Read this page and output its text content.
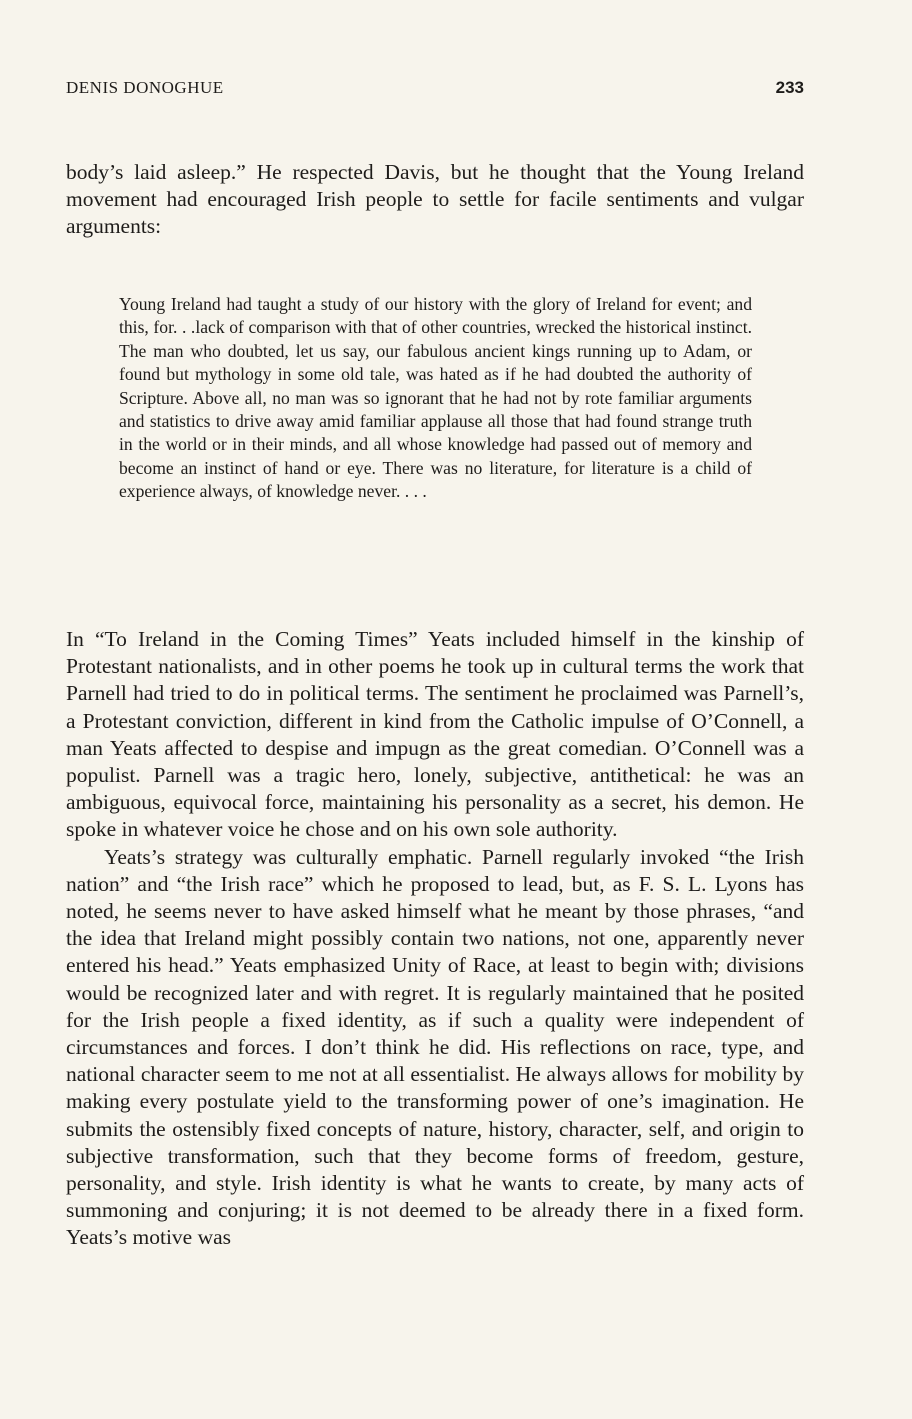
DENIS DONOGHUE	233

body’s laid asleep.” He respected Davis, but he thought that the Young Ireland movement had encouraged Irish people to settle for facile sentiments and vulgar arguments:

Young Ireland had taught a study of our history with the glory of Ireland for event; and this, for. . .lack of comparison with that of other countries, wrecked the historical instinct. The man who doubted, let us say, our fabulous ancient kings running up to Adam, or found but mythology in some old tale, was hated as if he had doubted the authority of Scripture. Above all, no man was so ignorant that he had not by rote familiar arguments and statistics to drive away amid familiar applause all those that had found strange truth in the world or in their minds, and all whose knowledge had passed out of memory and become an instinct of hand or eye. There was no literature, for literature is a child of experience always, of knowledge never. . . .

In “To Ireland in the Coming Times” Yeats included himself in the kinship of Protestant nationalists, and in other poems he took up in cultural terms the work that Parnell had tried to do in political terms. The sentiment he proclaimed was Parnell’s, a Protestant conviction, different in kind from the Catholic impulse of O’Connell, a man Yeats affected to despise and impugn as the great comedian. O’Connell was a populist. Parnell was a tragic hero, lonely, subjective, antithetical: he was an ambiguous, equivocal force, maintaining his personality as a secret, his demon. He spoke in whatever voice he chose and on his own sole authority.

Yeats’s strategy was culturally emphatic. Parnell regularly invoked “the Irish nation” and “the Irish race” which he proposed to lead, but, as F. S. L. Lyons has noted, he seems never to have asked himself what he meant by those phrases, “and the idea that Ireland might possibly contain two nations, not one, apparently never entered his head.” Yeats emphasized Unity of Race, at least to begin with; divisions would be recognized later and with regret. It is regularly maintained that he posited for the Irish people a fixed identity, as if such a quality were independent of circumstances and forces. I don’t think he did. His reflections on race, type, and national character seem to me not at all essentialist. He always allows for mobility by making every postulate yield to the transforming power of one’s imagination. He submits the ostensibly fixed concepts of nature, history, character, self, and origin to subjective transformation, such that they become forms of freedom, gesture, personality, and style. Irish identity is what he wants to create, by many acts of summoning and conjuring; it is not deemed to be already there in a fixed form. Yeats’s motive was
